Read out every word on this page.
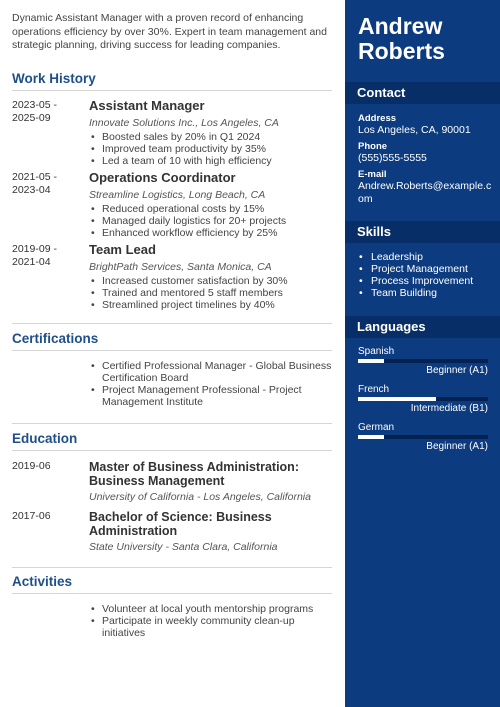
Dynamic Assistant Manager with a proven record of enhancing operations efficiency by over 30%. Expert in team management and strategic planning, driving success for leading companies.

Work History
2023-05 -
2025-09
Assistant Manager
Innovate Solutions Inc., Los Angeles, CA
• Boosted sales by 20% in Q1 2024
• Improved team productivity by 35%
• Led a team of 10 with high efficiency
2021-05 -
2023-04
Operations Coordinator
Streamline Logistics, Long Beach, CA
• Reduced operational costs by 15%
• Managed daily logistics for 20+ projects
• Enhanced workflow efficiency by 25%
2019-09 -
2021-04
Team Lead
BrightPath Services, Santa Monica, CA
• Increased customer satisfaction by 30%
• Trained and mentored 5 staff members
• Streamlined project timelines by 40%
Certifications
• Certified Professional Manager - Global Business Certification Board
• Project Management Professional - Project Management Institute
Education
2019-06	Master of Business Administration: Business Management
University of California - Los Angeles, California
2017-06	Bachelor of Science: Business Administration
State University - Santa Clara, California
Activities
• Volunteer at local youth mentorship programs
• Participate in weekly community clean-up initiatives
Andrew
Roberts
Contact
Address
Los Angeles, CA, 90001
Phone
(555)555-5555
E-mail
Andrew.Roberts@example.com
Skills
• Leadership
• Project Management
• Process Improvement
• Team Building
Languages
Spanish
Beginner (A1)
French
Intermediate (B1)
German
Beginner (A1)
